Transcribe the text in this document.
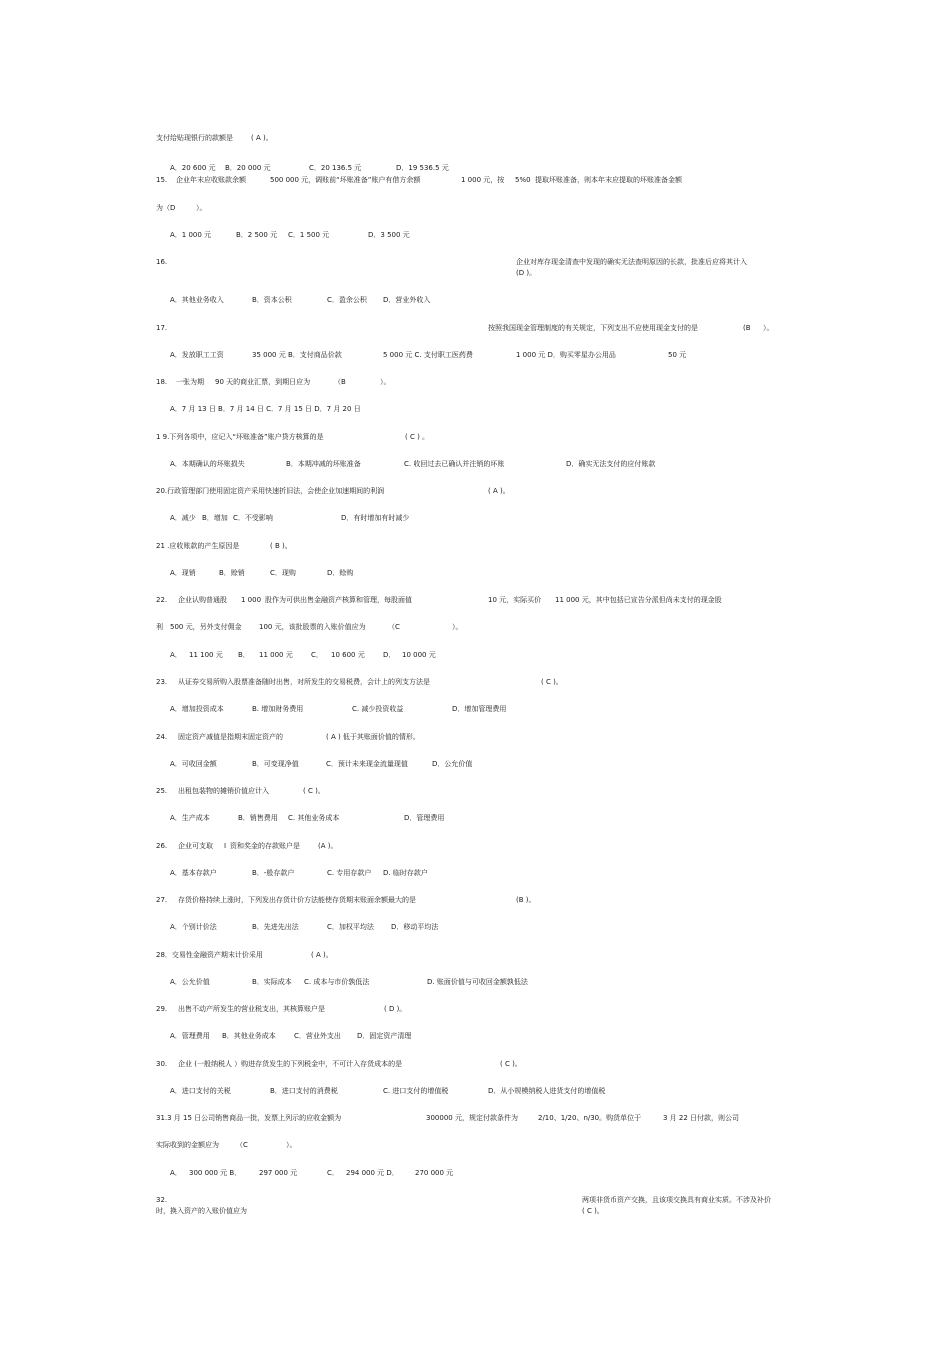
支付给贴现银行的款额是	( A )。
A．20 600 元 B．20 000 元	C．20 136.5 元	D．19 536.5 元
15. 企业年末应收账款余额	500 000 元，调账前“坏账准备”账户有借方余额	1 000 元，按 5%0 提取坏账准备，则本年末应提取的坏账准备金额
为（D	）。
A．1 000 元	B．2 500 元 C．1 500 元	D．3 500 元
16.	企业对库存现金清查中发现的确实无法查明原因的长款，批准后应将其计入
(D )。
A．其他业务收入	B．资本公积	C．盈余公积 D．营业外收入
17.	按照我国现金管理制度的有关规定，下列支出不应使用现金支付的是	(B ）。
A．发放职工工资	35 000 元 B．支付商品价款	5 000 元 C. 支付职工医药费	1 000 元 D．购买零星办公用品	50 元
18. 一张为期 90 天的商业汇票，到期日应为	（B	）。
A．7 月 13 日 B．7 月 14 日 C．7 月 15 日 D．7 月 20 日
1 9.下列各项中，应记入“坏账准备”账户贷方核算的是	( C ) 。
A．本期确认的坏账损失	B．本期冲减的坏账准备	C. 收回过去已确认并注销的坏账	D．确实无法支付的应付账款
20.行政管理部门使用固定资产采用快速折旧法，会使企业加速期间的利润	( A )。
A．减少 B．增加 C．不受影响	D．有时增加有时减少
21 .应收账款的产生原因是	( B )。
A．现销	B．赊销	C．现购	D．赊购
22. 企业认购普通股 1 000 股作为可供出售金融资产核算和管理，每股面值	10 元，实际买价 11 000 元，其中包括已宣告分派但尚未支付的现金股
利 500 元，另外支付佣金 100 元，该批股票的入账价值应为	（C	）。
A． 11 100 元 B． 11 000 元	C． 10 600 元	D． 10 000 元
23. 从证券交易所购入股票准备随时出售，对所发生的交易税费，会计上的列支方法是	( C )。
A．增加投资成本	B. 增加财务费用	C. 减少投资收益	D．增加管理费用
24. 固定资产减值是指期末固定资产的	( A ) 低于其账面价值的情形。
A．可收回金额	B．可变现净值	C．预计未来现金流量现值	D．公允价值
25. 出租包装物的摊销价值应计入	( C )。
A．生产成本	B．销售费用 C. 其他业务成本	D．管理费用
26. 企业可支取 I 资和奖金的存款账户是	(A )。
A．基本存款户	B．-般存款户	C. 专用存款户 D. 临时存款户
27. 存货价格持续上涨时，下列发出存货计价方法能使存货期末账面余额最大的是	(B )。
A．个别计价法	B．先进先出法	C．加权平均法 D．移动平均法
28．交易性金融资产期末计价采用	( A )。
A．公允价值	B．实际成本 C. 成本与市价孰低法	D. 账面价值与可收回金额孰低法
29. 出售不动产所发生的营业税支出，其核算账户是	( D )。
A．管理费用 B．其他业务成本	C．营业外支出 D．固定资产清理
30. 企业 (一般纳税人 ）购进存货发生的下列税金中，不可计入存货成本的是	( C )。
A．进口支付的关税	B．进口支付的消费税	C. 进口支付的增值税	D．从小规模纳税人进货支付的增值税
31.3 月 15 日公司销售商品一批，发票上列示的应收金额为	300000 元，规定付款条件为	2/10、1/20、n/30。购货单位于	3 月 22 日付款，则公司
实际收到的金额应为 （C	）。
A． 300 000 元 B．	297 000 元	C． 294 000 元 D． 270 000 元
32.	两项非货币资产交换，且该项交换具有商业实质。不涉及补价
时，换入资产的入账价值应为	( C )。
